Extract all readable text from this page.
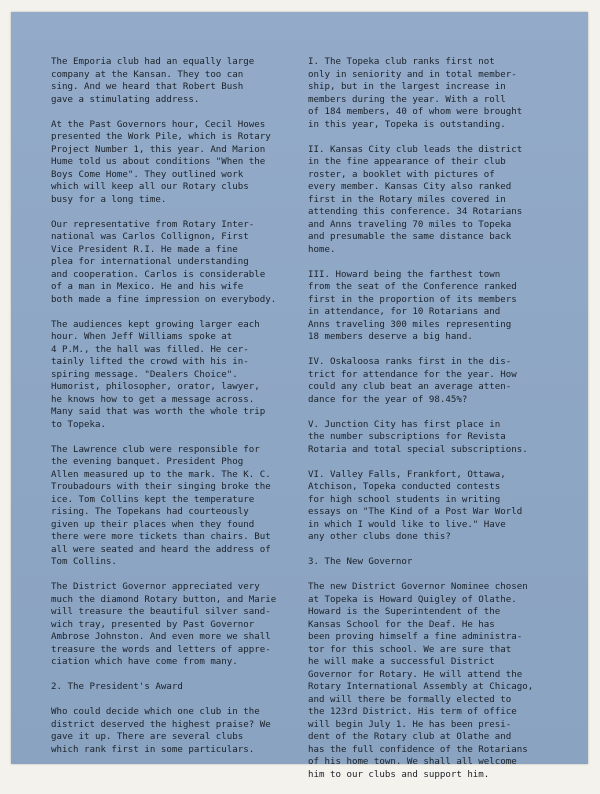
The Emporia club had an equally large
company at the Kansan. They too can
sing. And we heard that Robert Bush
gave a stimulating address.

At the Past Governors hour, Cecil Howes
presented the Work Pile, which is Rotary
Project Number 1, this year. And Marion
Hume told us about conditions "When the
Boys Come Home". They outlined work
which will keep all our Rotary clubs
busy for a long time.

Our representative from Rotary Inter-
national was Carlos Collignon, First
Vice President R.I. He made a fine
plea for international understanding
and cooperation. Carlos is considerable
of a man in Mexico. He and his wife
both made a fine impression on everybody.

The audiences kept growing larger each
hour. When Jeff Williams spoke at
4 P.M., the hall was filled. He cer-
tainly lifted the crowd with his in-
spiring message. "Dealers Choice".
Humorist, philosopher, orator, lawyer,
he knows how to get a message across.
Many said that was worth the whole trip
to Topeka.

The Lawrence club were responsible for
the evening banquet. President Phog
Allen measured up to the mark. The K. C.
Troubadours with their singing broke the
ice. Tom Collins kept the temperature
rising. The Topekans had courteously
given up their places when they found
there were more tickets than chairs. But
all were seated and heard the address of
Tom Collins.

The District Governor appreciated very
much the diamond Rotary button, and Marie
will treasure the beautiful silver sand-
wich tray, presented by Past Governor
Ambrose Johnston. And even more we shall
treasure the words and letters of appre-
ciation which have come from many.

2. The President's Award

Who could decide which one club in the
district deserved the highest praise? We
gave it up. There are several clubs
which rank first in some particulars.

I. The Topeka club ranks first not
only in seniority and in total member-
ship, but in the largest increase in
members during the year. With a roll
of 184 members, 40 of whom were brought
in this year, Topeka is outstanding.

II. Kansas City club leads the district
in the fine appearance of their club
roster, a booklet with pictures of
every member. Kansas City also ranked
first in the Rotary miles covered in
attending this conference. 34 Rotarians
and Anns traveling 70 miles to Topeka
and presumable the same distance back
home.

III. Howard being the farthest town
from the seat of the Conference ranked
first in the proportion of its members
in attendance, for 10 Rotarians and
Anns traveling 300 miles representing
18 members deserve a big hand.

IV. Oskaloosa ranks first in the dis-
trict for attendance for the year. How
could any club beat an average atten-
dance for the year of 98.45%?

V. Junction City has first place in
the number subscriptions for Revista
Rotaria and total special subscriptions.

VI. Valley Falls, Frankfort, Ottawa,
Atchison, Topeka conducted contests
for high school students in writing
essays on "The Kind of a Post War World
in which I would like to live." Have
any other clubs done this?

3. The New Governor

The new District Governor Nominee chosen
at Topeka is Howard Quigley of Olathe.
Howard is the Superintendent of the
Kansas School for the Deaf. He has
been proving himself a fine administra-
tor for this school. We are sure that
he will make a successful District
Governor for Rotary. He will attend the
Rotary International Assembly at Chicago,
and will there be formally elected to
the 123rd District. His term of office
will begin July 1. He has been presi-
dent of the Rotary club at Olathe and
has the full confidence of the Rotarians
of his home town. We shall all welcome
him to our clubs and support him.
